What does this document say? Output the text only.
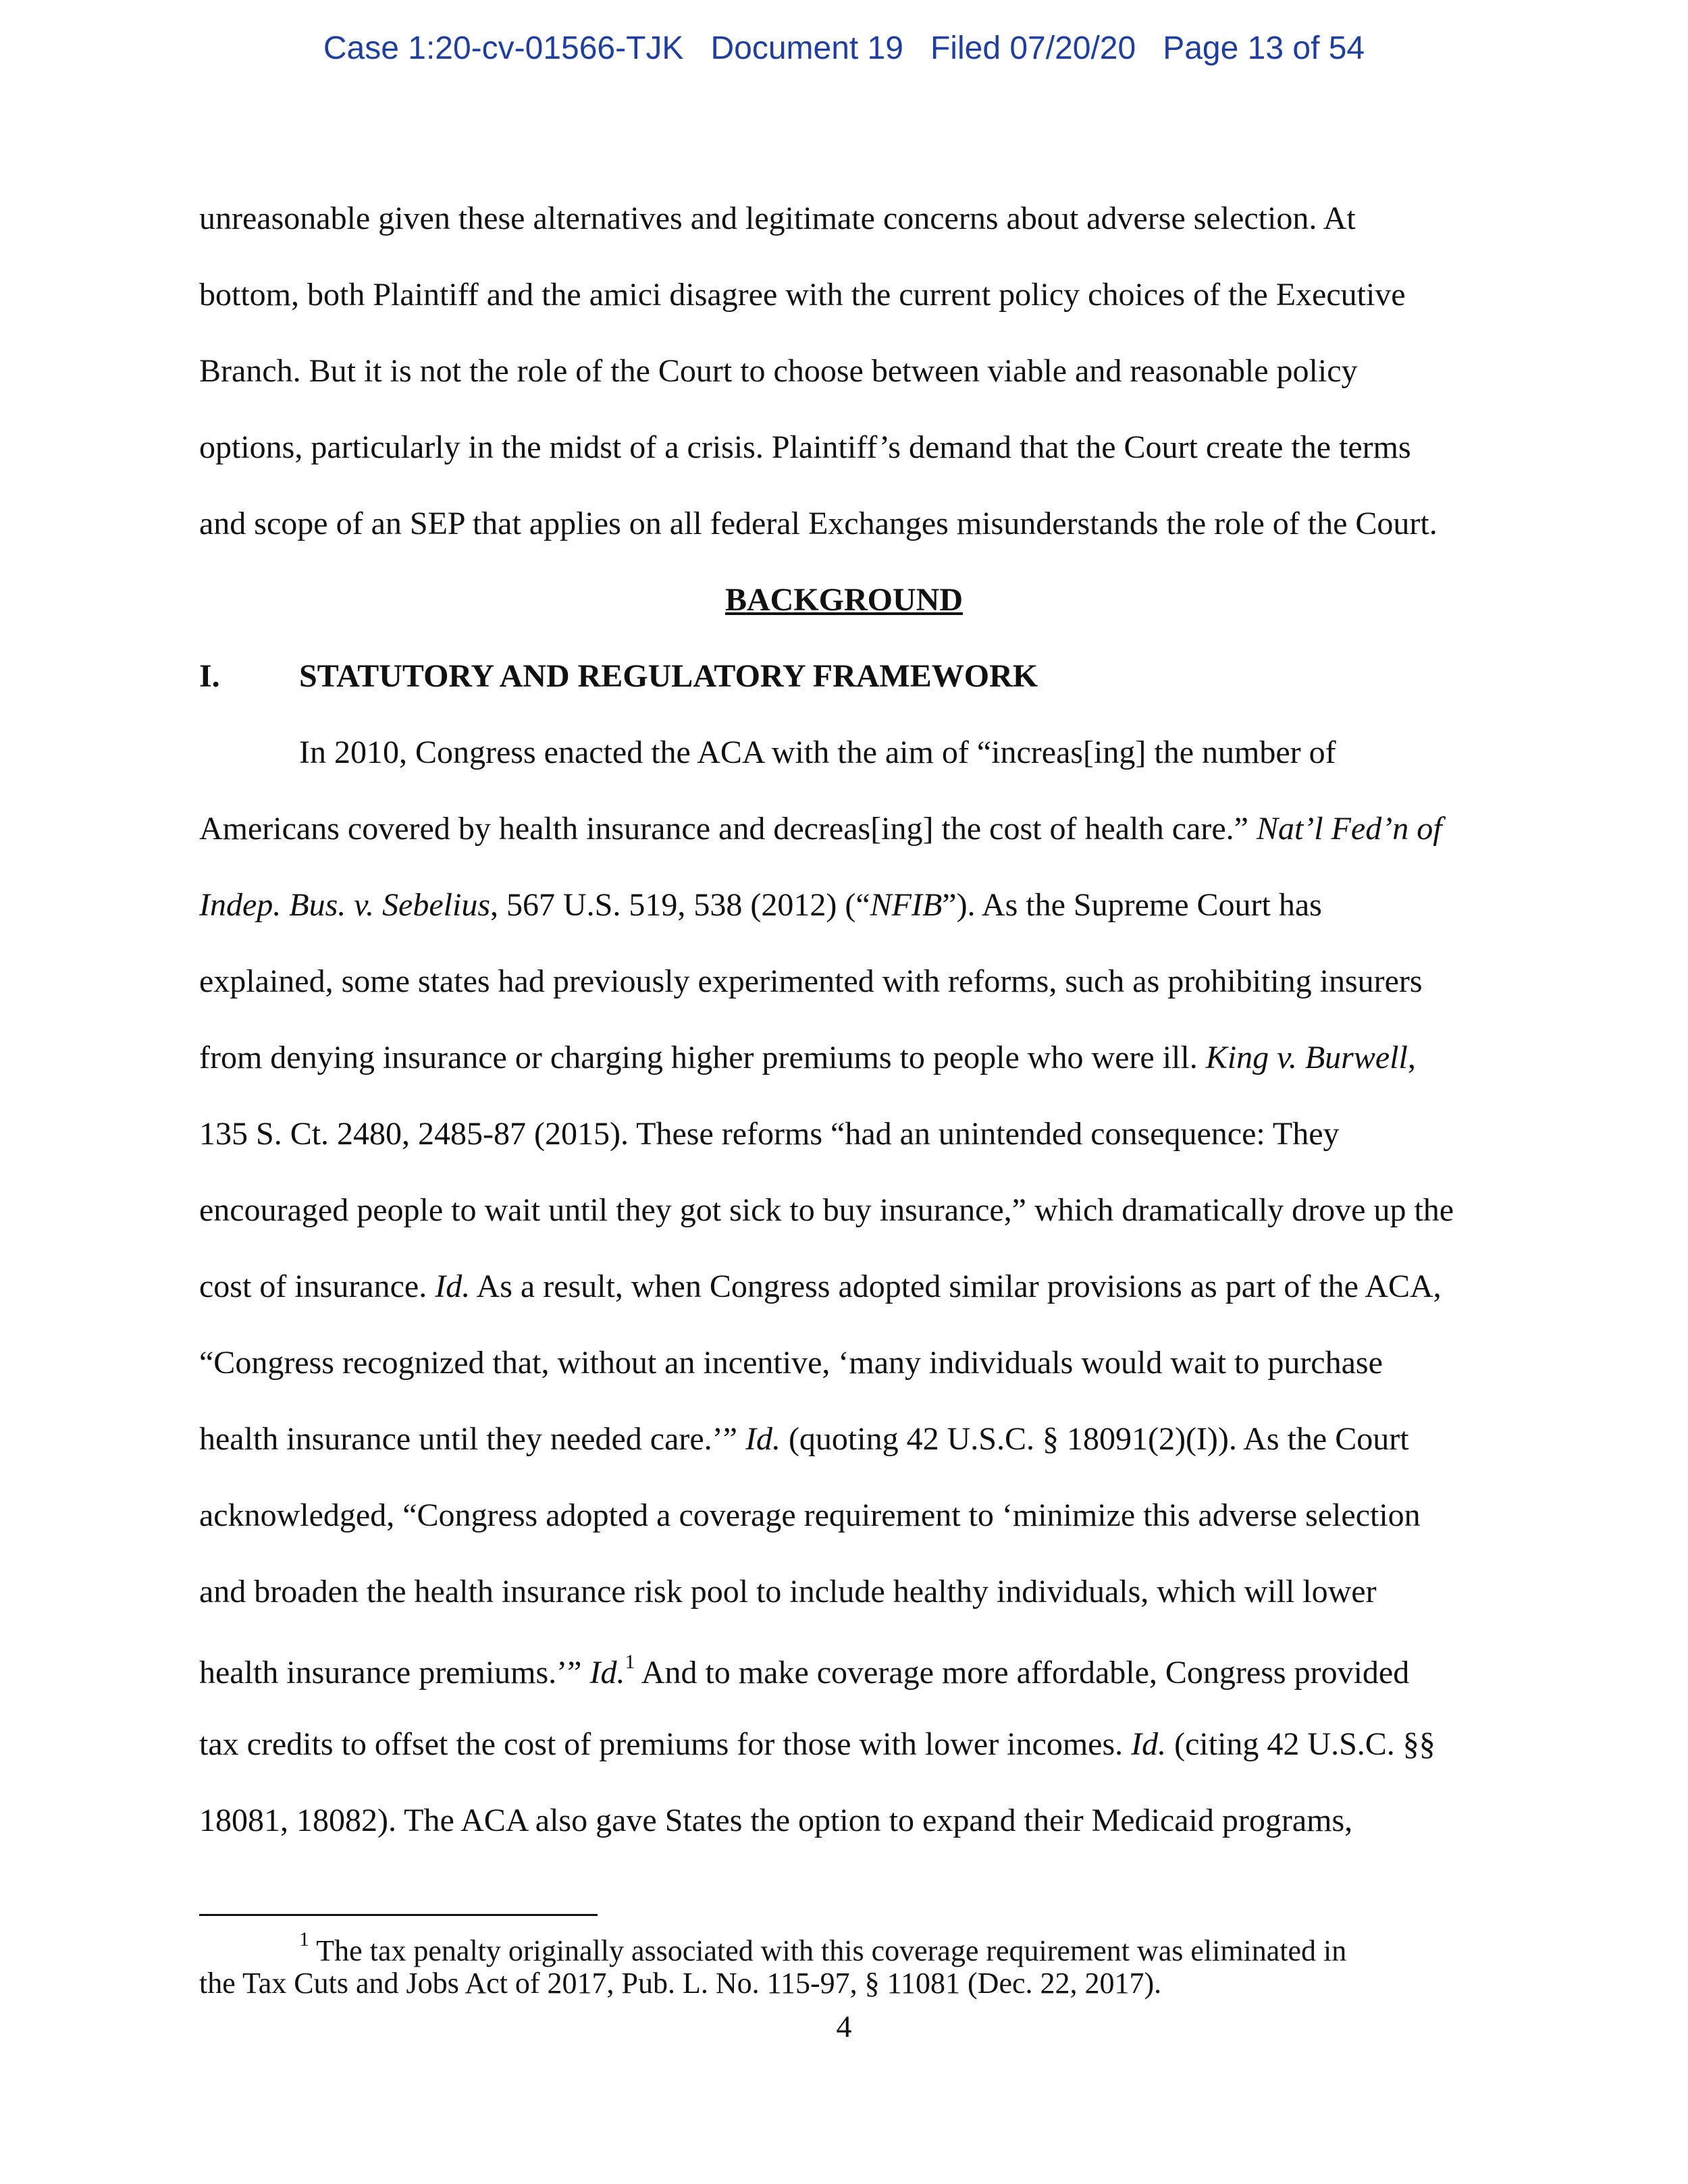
Case 1:20-cv-01566-TJK Document 19 Filed 07/20/20 Page 13 of 54
unreasonable given these alternatives and legitimate concerns about adverse selection. At
bottom, both Plaintiff and the amici disagree with the current policy choices of the Executive
Branch. But it is not the role of the Court to choose between viable and reasonable policy
options, particularly in the midst of a crisis. Plaintiff’s demand that the Court create the terms
and scope of an SEP that applies on all federal Exchanges misunderstands the role of the Court.
BACKGROUND
I. STATUTORY AND REGULATORY FRAMEWORK
In 2010, Congress enacted the ACA with the aim of “increas[ing] the number of
Americans covered by health insurance and decreas[ing] the cost of health care.” Nat’l Fed’n of
Indep. Bus. v. Sebelius, 567 U.S. 519, 538 (2012) (“NFIB”). As the Supreme Court has
explained, some states had previously experimented with reforms, such as prohibiting insurers
from denying insurance or charging higher premiums to people who were ill. King v. Burwell,
135 S. Ct. 2480, 2485-87 (2015). These reforms “had an unintended consequence: They
encouraged people to wait until they got sick to buy insurance,” which dramatically drove up the
cost of insurance. Id. As a result, when Congress adopted similar provisions as part of the ACA,
“Congress recognized that, without an incentive, ‘many individuals would wait to purchase
health insurance until they needed care.’” Id. (quoting 42 U.S.C. § 18091(2)(I)). As the Court
acknowledged, “Congress adopted a coverage requirement to ‘minimize this adverse selection
and broaden the health insurance risk pool to include healthy individuals, which will lower
health insurance premiums.’” Id.$^1$ And to make coverage more affordable, Congress provided
tax credits to offset the cost of premiums for those with lower incomes. Id. (citing 42 U.S.C. §§
18081, 18082). The ACA also gave States the option to expand their Medicaid programs,
$^1$ The tax penalty originally associated with this coverage requirement was eliminated in
the Tax Cuts and Jobs Act of 2017, Pub. L. No. 115-97, § 11081 (Dec. 22, 2017).
4
